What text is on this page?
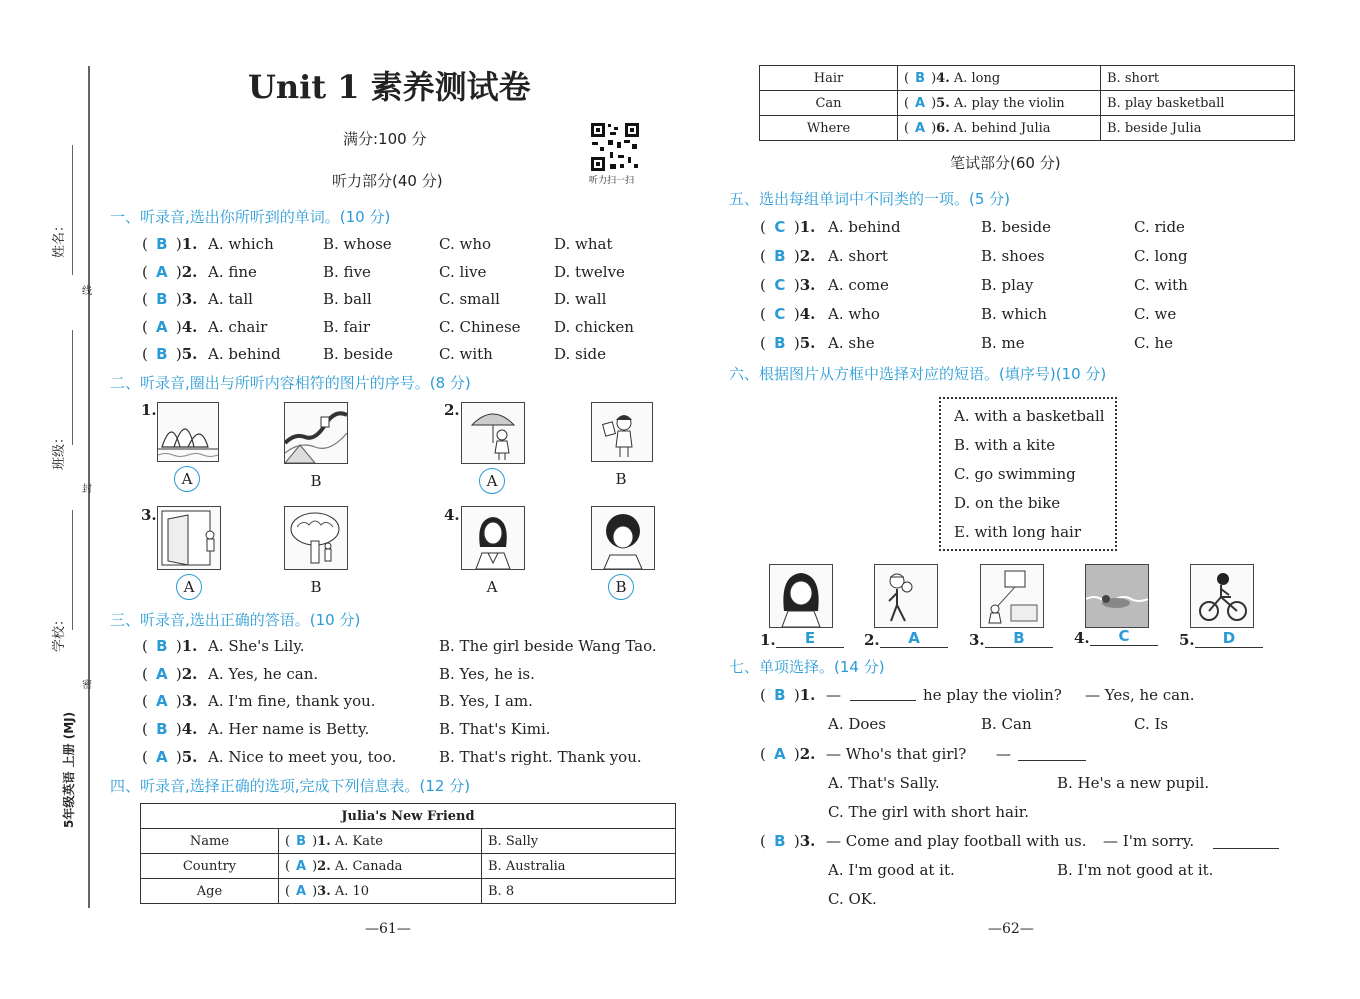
姓名：
班级：
学校：
线
封
密
5年级英语 上册 (MJ)
Unit 1 素养测试卷
满分:100 分
听力扫一扫
听力部分(40 分)
一、听录音,选出你所听到的单词。(10 分)
( B )1. A. which	B. whose	C. who	D. what
( A )2. A. fine	B. five	C. live	D. twelve
( B )3. A. tall	B. ball	C. small	D. wall
( A )4. A. chair	B. fair	C. Chinese D. chicken
( B )5. A. behind	B. beside	C. with	D. side
二、听录音,圈出与所听内容相符的图片的序号。(8 分)
1.	2.
3.	4.
A	B	A	B
A	B	A	B
三、听录音,选出正确的答语。(10 分)
( B )1. A. She's Lily.	B. The girl beside Wang Tao.
( A )2. A. Yes, he can.	B. Yes, he is.
( A )3. A. I'm fine, thank you.	B. Yes, I am.
( B )4. A. Her name is Betty.	B. That's Kimi.
( A )5. A. Nice to meet you, too.	B. That's right. Thank you.
四、听录音,选择正确的选项,完成下列信息表。(12 分)
Julia's New Friend		
Name	( B )1. A. Kate	B. Sally
Country	( A )2. A. Canada	B. Australia
Age	( A )3. A. 10	B. 8
—61—
Hair	( B )4. A. long	B. short
Can	( A )5. A. play the violin	B. play basketball
Where	( A )6. A. behind Julia	B. beside Julia
笔试部分(60 分)
五、选出每组单词中不同类的一项。(5 分)
( C )1. A. behind	B. beside	C. ride
( B )2. A. short	B. shoes	C. long
( C )3. A. come	B. play	C. with
( C )4. A. who	B. which	C. we
( B )5. A. she	B. me	C. he
六、根据图片从方框中选择对应的短语。(填序号)(10 分)
A. with a basketball
B. with a kite
C. go swimming
D. on the bike
E. with long hair
1.	E	2.	A	3.	B	4.	C	5.	D
七、单项选择。(14 分)
( B )1. —	he play the violin? — Yes, he can.
A. Does	B. Can	C. Is
( A )2. — Who's that girl? —
A. That's Sally.	B. He's a new pupil.
C. The girl with short hair.
( B )3. — Come and play football with us. — I'm sorry.
A. I'm good at it.	B. I'm not good at it.
C. OK.
—62—
